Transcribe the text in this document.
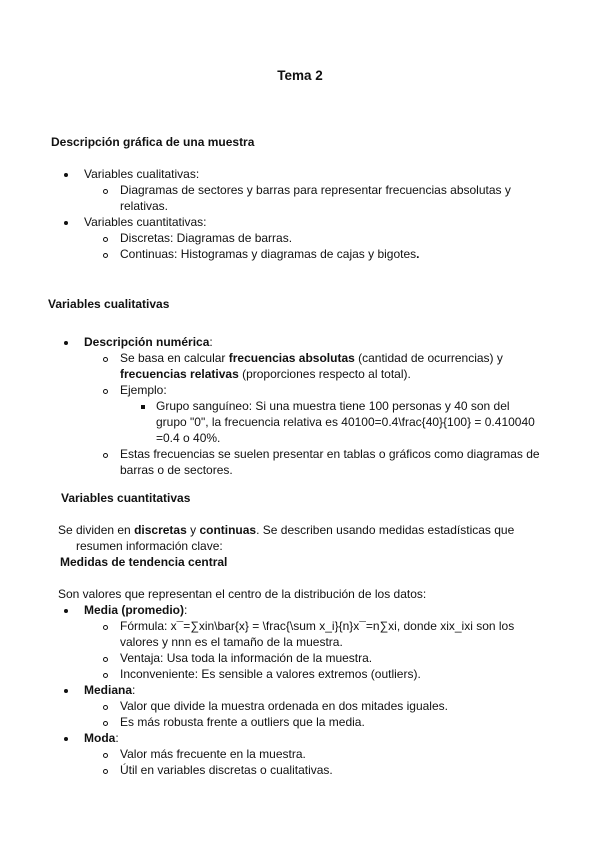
Tema 2
Descripción gráfica de una muestra
Variables cualitativas:
Diagramas de sectores y barras para representar frecuencias absolutas y
relativas.
Variables cuantitativas:
Discretas: Diagramas de barras.
Continuas: Histogramas y diagramas de cajas y bigotes.
Variables cualitativas
Descripción numérica:
Se basa en calcular frecuencias absolutas (cantidad de ocurrencias) y
frecuencias relativas (proporciones respecto al total).
Ejemplo:
Grupo sanguíneo: Si una muestra tiene 100 personas y 40 son del
grupo "0", la frecuencia relativa es 40100=0.4\frac{40}{100} = 0.410040
=0.4 o 40%.
Estas frecuencias se suelen presentar en tablas o gráficos como diagramas de
barras o de sectores.
Variables cuantitativas
Se dividen en discretas y continuas. Se describen usando medidas estadísticas que
resumen información clave:
Medidas de tendencia central
Son valores que representan el centro de la distribución de los datos:
Media (promedio):
Fórmula: x¯=∑xin\bar{x} = \frac{\sum x_i}{n}x¯=n∑xi, donde xix_ixi son los
valores y nnn es el tamaño de la muestra.
Ventaja: Usa toda la información de la muestra.
Inconveniente: Es sensible a valores extremos (outliers).
Mediana:
Valor que divide la muestra ordenada en dos mitades iguales.
Es más robusta frente a outliers que la media.
Moda:
Valor más frecuente en la muestra.
Útil en variables discretas o cualitativas.
